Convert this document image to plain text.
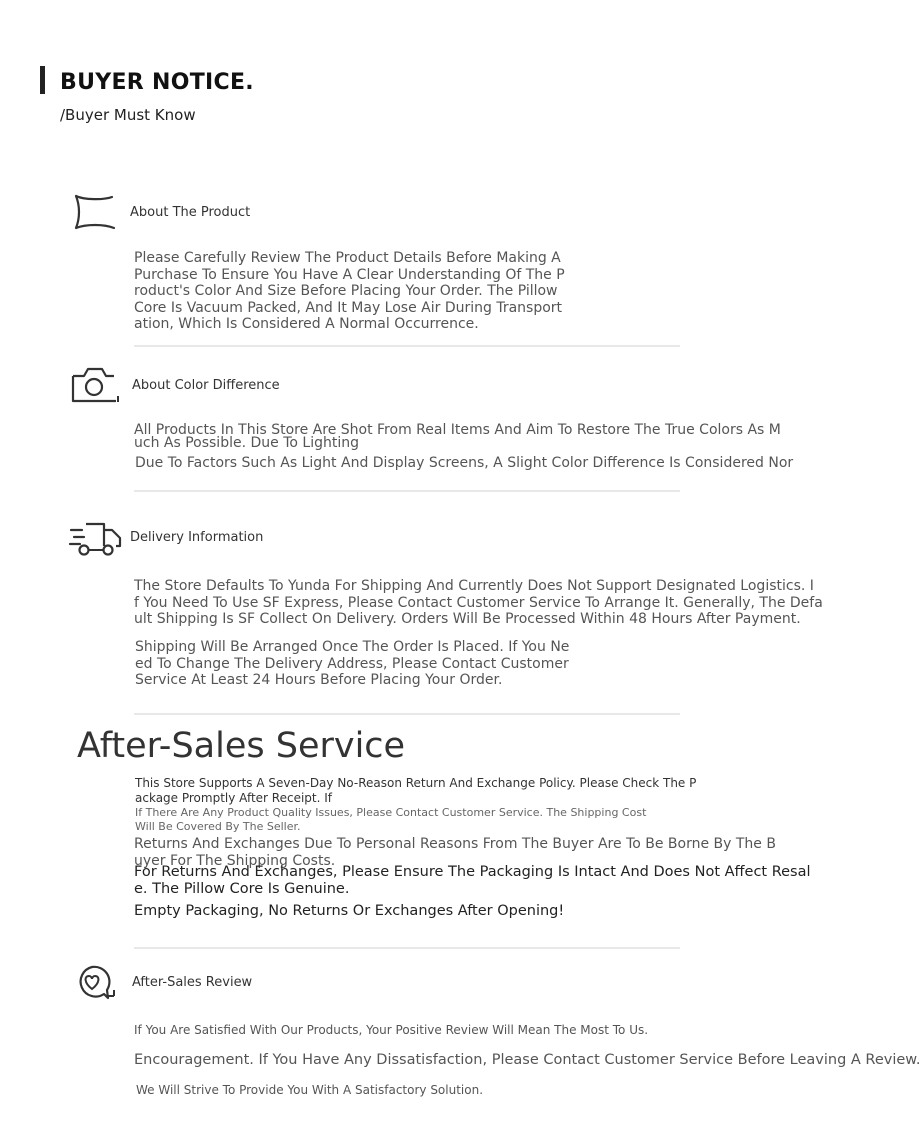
BUYER NOTICE.
/Buyer Must Know
About The Product
Please Carefully Review The Product Details Before Making A
Purchase To Ensure You Have A Clear Understanding Of The P
roduct's Color And Size Before Placing Your Order. The Pillow
Core Is Vacuum Packed, And It May Lose Air During Transport
ation, Which Is Considered A Normal Occurrence.
About Color Difference
All Products In This Store Are Shot From Real Items And Aim To Restore The True Colors As M
uch As Possible. Due To Lighting
Due To Factors Such As Light And Display Screens, A Slight Color Difference Is Considered Nor
Delivery Information
The Store Defaults To Yunda For Shipping And Currently Does Not Support Designated Logistics. I
f You Need To Use SF Express, Please Contact Customer Service To Arrange It. Generally, The Defa
ult Shipping Is SF Collect On Delivery. Orders Will Be Processed Within 48 Hours After Payment.
Shipping Will Be Arranged Once The Order Is Placed. If You Ne
ed To Change The Delivery Address, Please Contact Customer
Service At Least 24 Hours Before Placing Your Order.
After-Sales Service
This Store Supports A Seven-Day No-Reason Return And Exchange Policy. Please Check The P
ackage Promptly After Receipt. If
If There Are Any Product Quality Issues, Please Contact Customer Service. The Shipping Cost
Will Be Covered By The Seller.
Returns And Exchanges Due To Personal Reasons From The Buyer Are To Be Borne By The B
uyer For The Shipping Costs.
For Returns And Exchanges, Please Ensure The Packaging Is Intact And Does Not Affect Resal
e. The Pillow Core Is Genuine.
Empty Packaging, No Returns Or Exchanges After Opening!
After-Sales Review
If You Are Satisfied With Our Products, Your Positive Review Will Mean The Most To Us.
Encouragement. If You Have Any Dissatisfaction, Please Contact Customer Service Before Leaving A Review.
We Will Strive To Provide You With A Satisfactory Solution.
